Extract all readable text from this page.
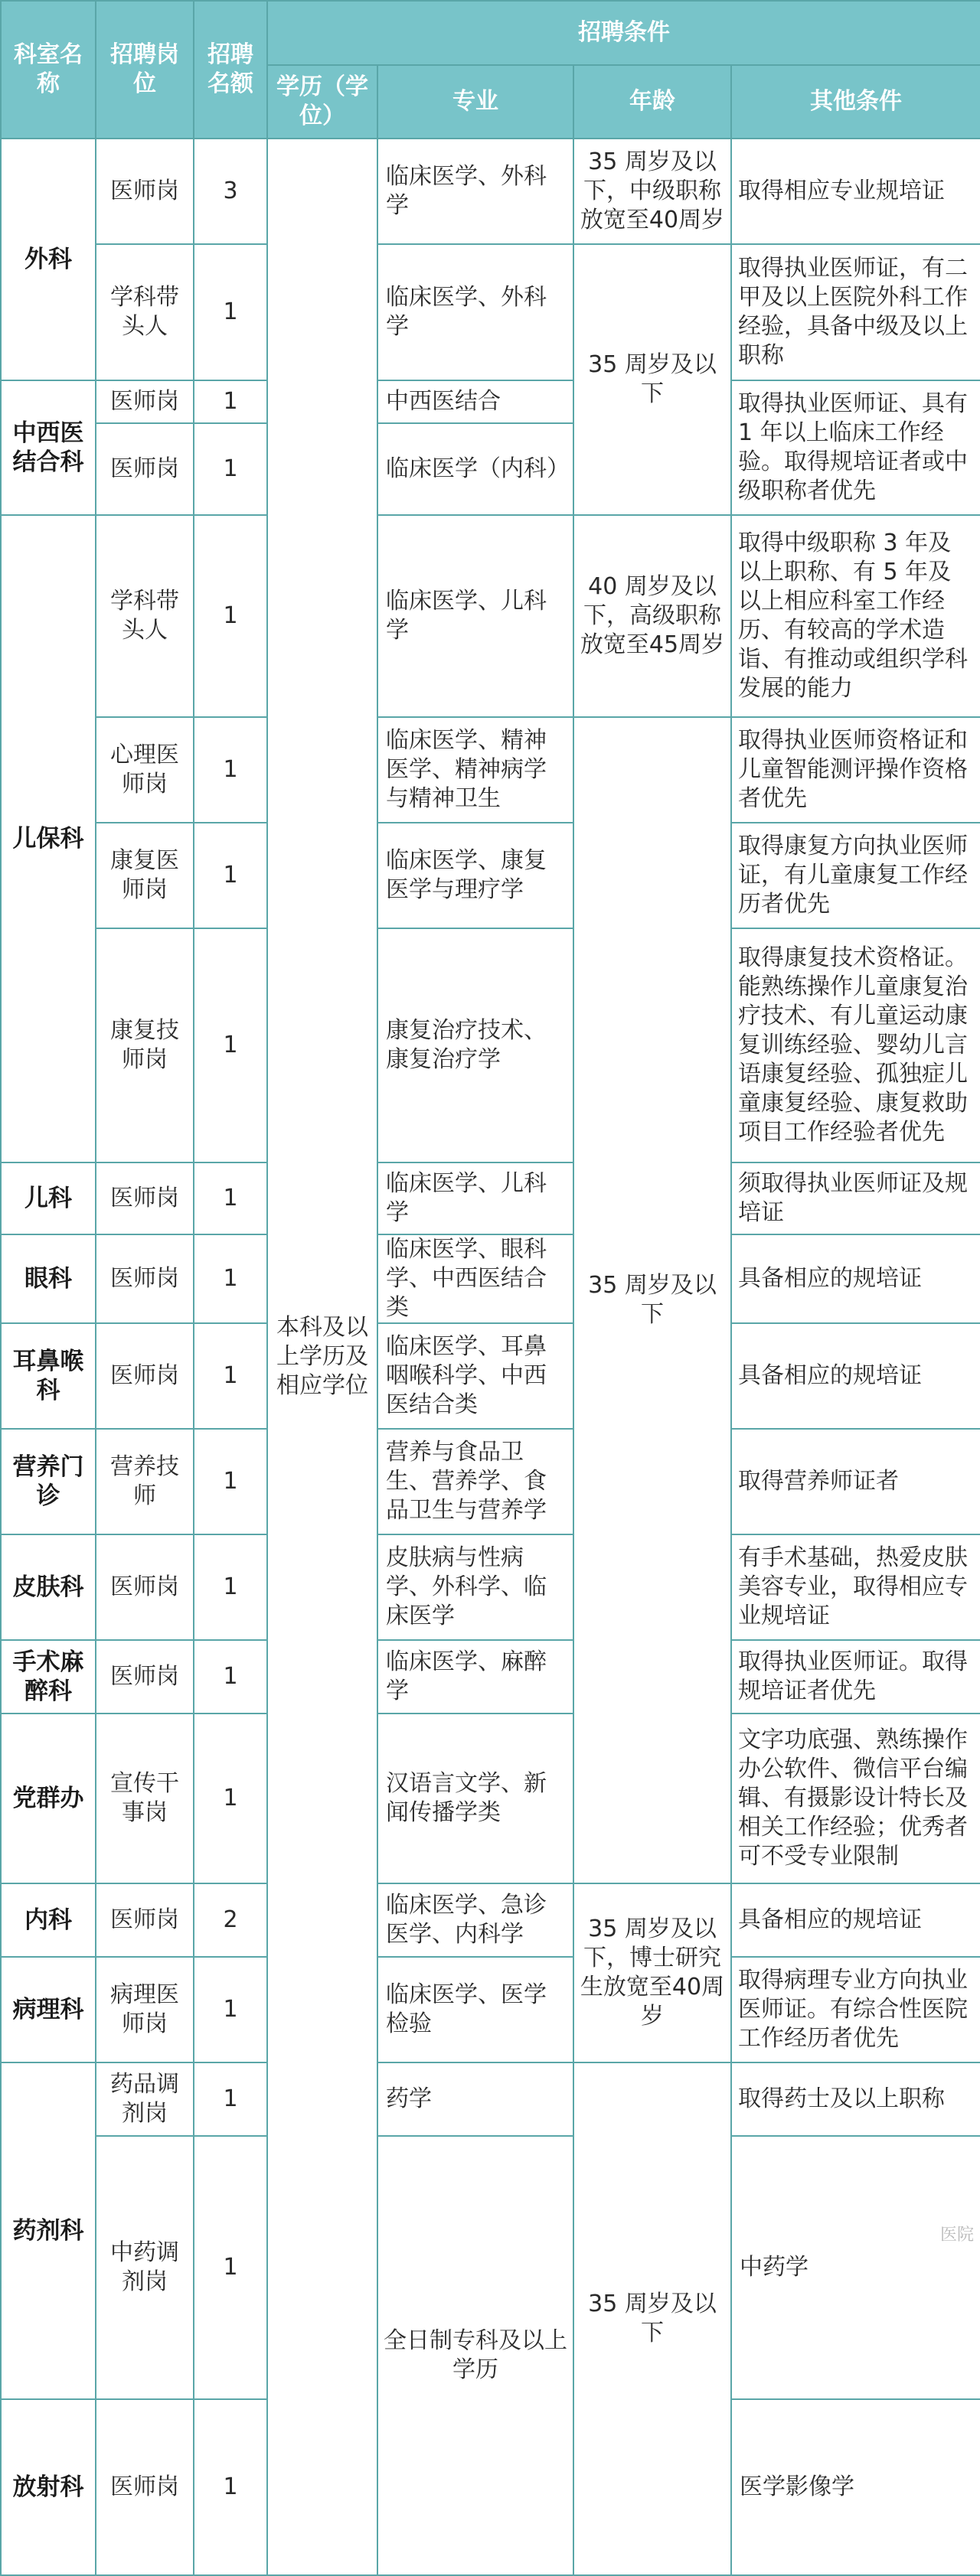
科室名称	招聘岗位	招聘名额	招聘条件				
			学历（学位）	专业	年龄	其他条件	
外科	医师岗	3	本科及以上学历及相应学位	临床医学、外科学	35 周岁及以下，中级职称放宽至40周岁	取得相应专业规培证	
	学科带头人	1		临床医学、外科学	35 周岁及以下	取得执业医师证，有二甲及以上医院外科工作经验，具备中级及以上职称	
中西医结合科	医师岗	1		中西医结合		取得执业医师证、具有 1 年以上临床工作经验。取得规培证者或中级职称者优先	
	医师岗	1		临床医学（内科）			
儿保科	学科带头人	1		临床医学、儿科学	40 周岁及以下，高级职称放宽至45周岁	取得中级职称 3 年及以上职称、有 5 年及以上相应科室工作经历、有较高的学术造诣、有推动或组织学科发展的能力	
	心理医师岗	1		临床医学、精神医学、精神病学与精神卫生	35 周岁及以下	取得执业医师资格证和儿童智能测评操作资格者优先	
	康复医师岗	1		临床医学、康复医学与理疗学		取得康复方向执业医师证，有儿童康复工作经历者优先	
	康复技师岗	1		康复治疗技术、康复治疗学		取得康复技术资格证。能熟练操作儿童康复治疗技术、有儿童运动康复训练经验、婴幼儿言语康复经验、孤独症儿童康复经验、康复救助项目工作经验者优先	
儿科	医师岗	1		临床医学、儿科学		须取得执业医师证及规培证	
眼科	医师岗	1		临床医学、眼科学、中西医结合类		具备相应的规培证	
耳鼻喉科	医师岗	1		临床医学、耳鼻咽喉科学、中西医结合类		具备相应的规培证	
营养门诊	营养技师	1		营养与食品卫生、营养学、食品卫生与营养学		取得营养师证者	
皮肤科	医师岗	1		皮肤病与性病学、外科学、临床医学		有手术基础，热爱皮肤美容专业，取得相应专业规培证	
手术麻醉科	医师岗	1		临床医学、麻醉学		取得执业医师证。取得规培证者优先	
党群办	宣传干事岗	1		汉语言文学、新闻传播学类		文字功底强、熟练操作办公软件、微信平台编辑、有摄影设计特长及相关工作经验；优秀者可不受专业限制	
内科	医师岗	2		临床医学、急诊医学、内科学	35 周岁及以下，博士研究生放宽至40周岁	具备相应的规培证	
病理科	病理医师岗	1		临床医学、医学检验		取得病理专业方向执业医师证。有综合性医院工作经历者优先	
药剂科	药品调剂岗	1		药学	35 周岁及以下	取得药士及以上职称	
	中药调剂岗	1		全日制专科及以上学历		中药学	
放射科	医师岗	1				医学影像学	
医院
